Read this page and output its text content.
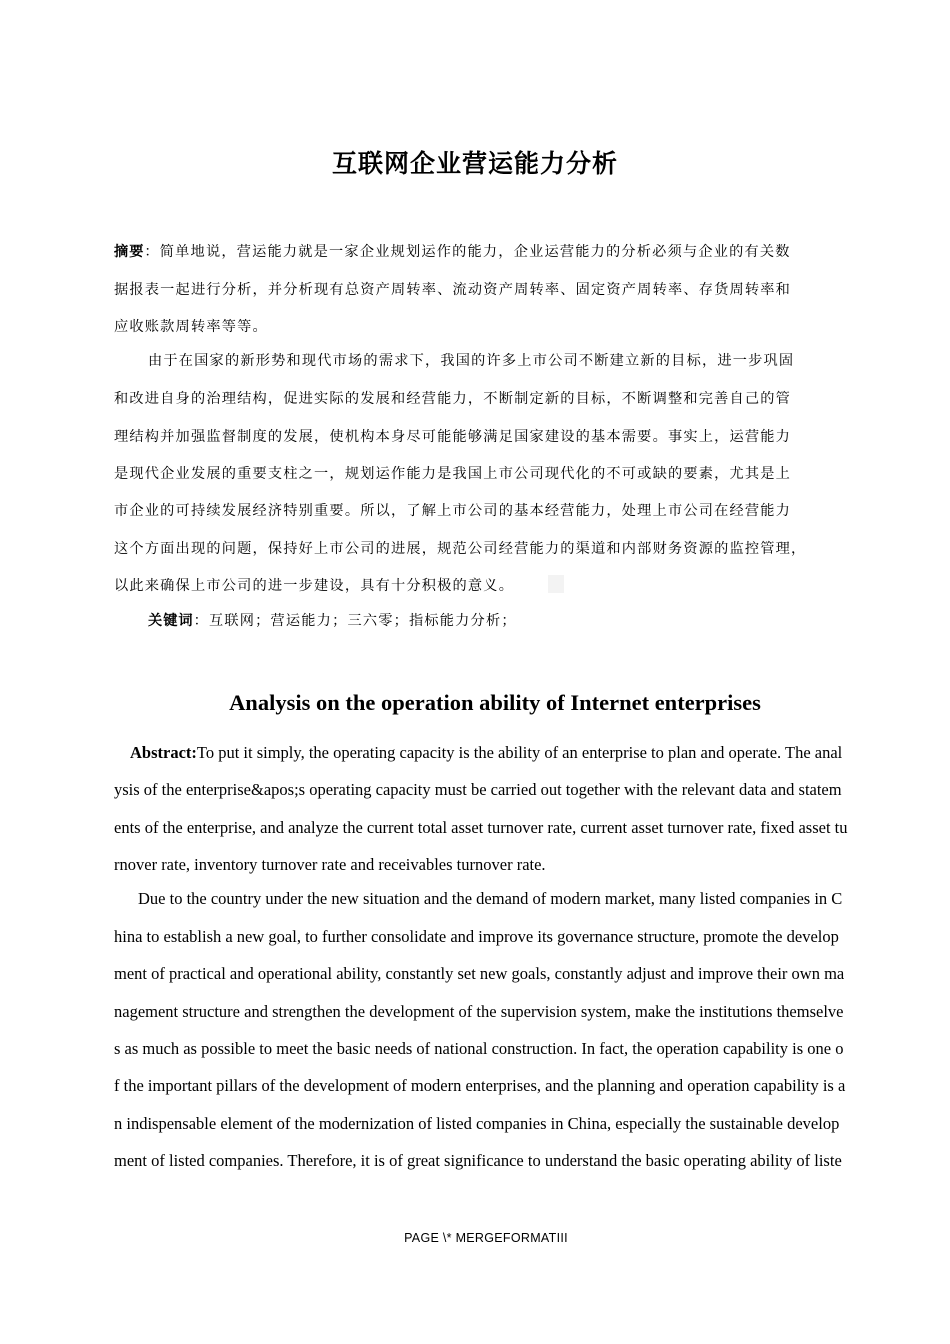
互联网企业营运能力分析
摘要：简单地说，营运能力就是一家企业规划运作的能力，企业运营能力的分析必须与企业的有关数
据报表一起进行分析，并分析现有总资产周转率、流动资产周转率、固定资产周转率、存货周转率和
应收账款周转率等等。
由于在国家的新形势和现代市场的需求下，我国的许多上市公司不断建立新的目标，进一步巩固
和改进自身的治理结构，促进实际的发展和经营能力，不断制定新的目标，不断调整和完善自己的管
理结构并加强监督制度的发展，使机构本身尽可能能够满足国家建设的基本需要。事实上，运营能力
是现代企业发展的重要支柱之一，规划运作能力是我国上市公司现代化的不可或缺的要素，尤其是上
市企业的可持续发展经济特别重要。所以，了解上市公司的基本经营能力，处理上市公司在经营能力
这个方面出现的问题，保持好上市公司的进展，规范公司经营能力的渠道和内部财务资源的监控管理，
以此来确保上市公司的进一步建设，具有十分积极的意义。
关键词：互联网；营运能力；三六零；指标能力分析；
Analysis on the operation ability of Internet enterprises
Abstract:To put it simply, the operating capacity is the ability of an enterprise to plan and operate. The anal
ysis of the enterprise&apos;s operating capacity must be carried out together with the relevant data and statem
ents of the enterprise, and analyze the current total asset turnover rate, current asset turnover rate, fixed asset tu
rnover rate, inventory turnover rate and receivables turnover rate.
Due to the country under the new situation and the demand of modern market, many listed companies in C
hina to establish a new goal, to further consolidate and improve its governance structure, promote the develop
ment of practical and operational ability, constantly set new goals, constantly adjust and improve their own ma
nagement structure and strengthen the development of the supervision system, make the institutions themselve
s as much as possible to meet the basic needs of national construction. In fact, the operation capability is one o
f the important pillars of the development of modern enterprises, and the planning and operation capability is a
n indispensable element of the modernization of listed companies in China, especially the sustainable develop
ment of listed companies. Therefore, it is of great significance to understand the basic operating ability of liste
PAGE \* MERGEFORMATIII
